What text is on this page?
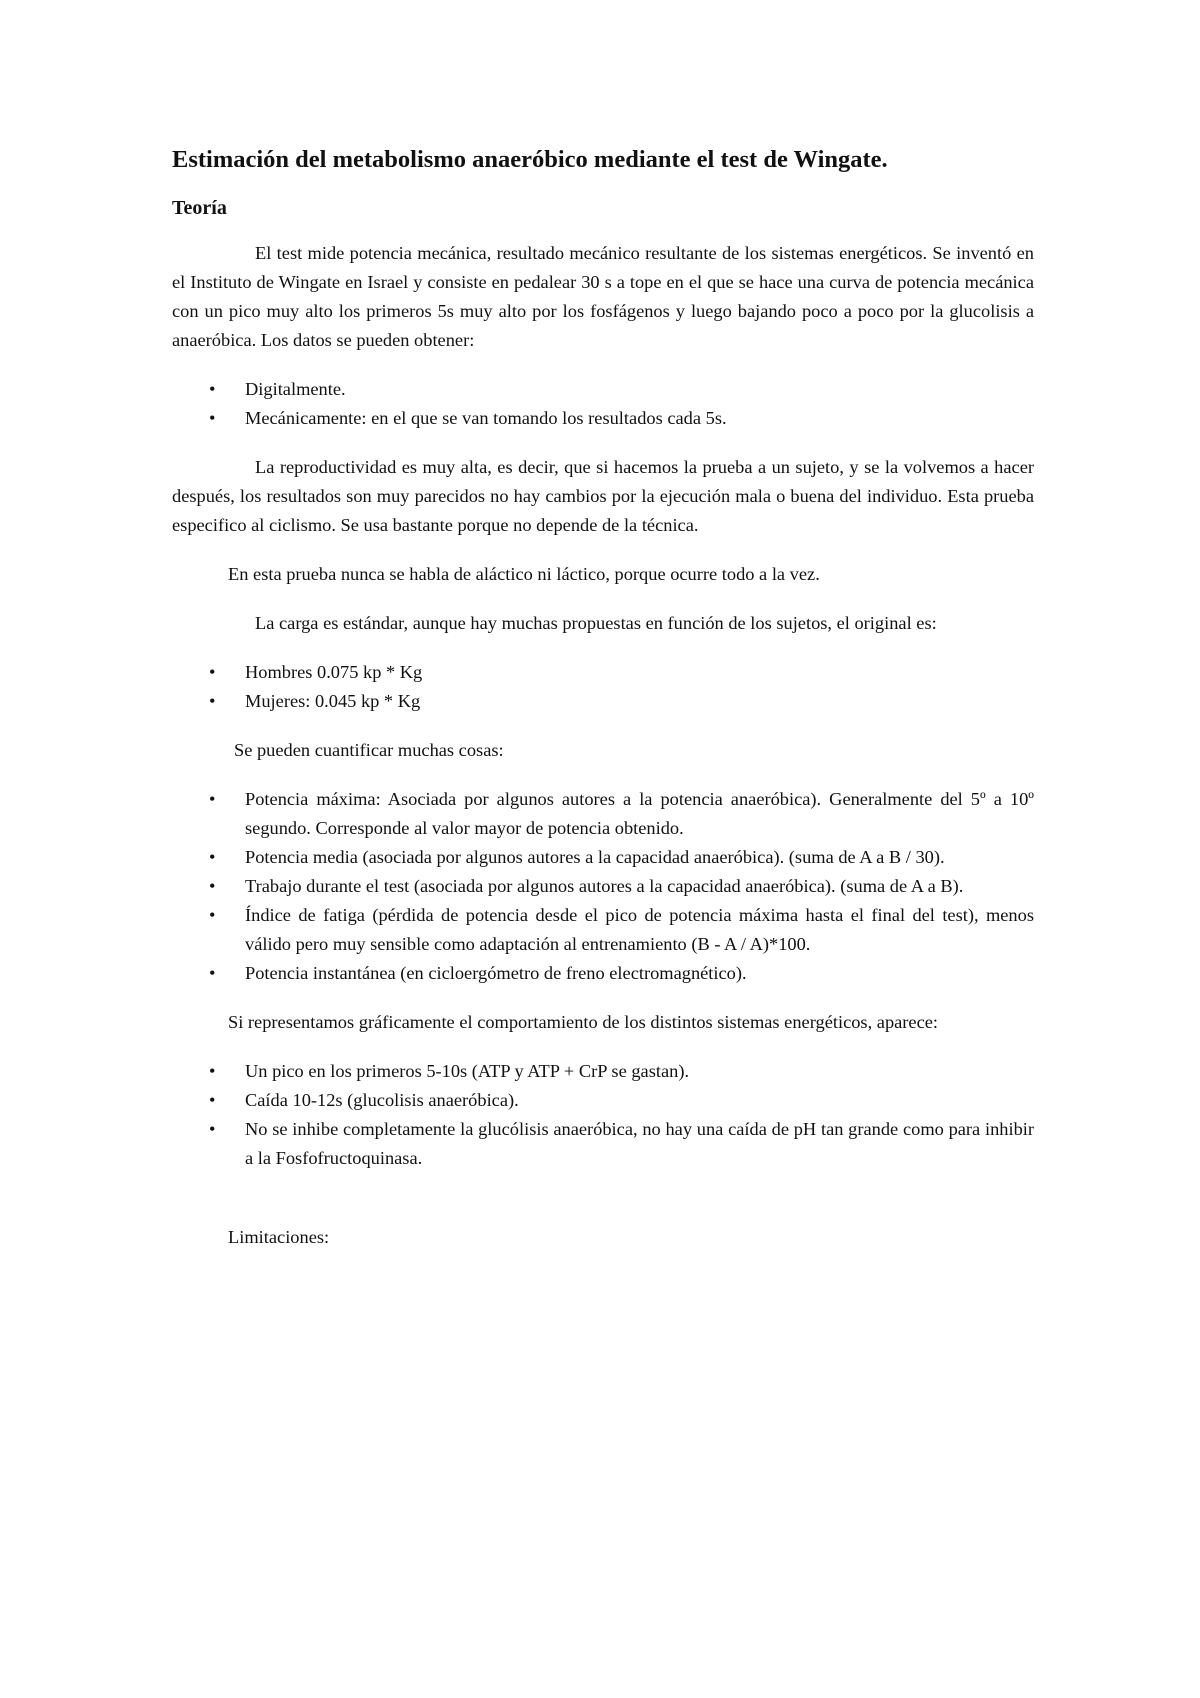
Estimación del metabolismo anaeróbico mediante el test de Wingate.
Teoría

El test mide potencia mecánica, resultado mecánico resultante de los sistemas energéticos. Se inventó en el Instituto de Wingate en Israel y consiste en pedalear 30 s a tope en el que se hace una curva de potencia mecánica con un pico muy alto los primeros 5s muy alto por los fosfágenos y luego bajando poco a poco por la glucolisis a anaeróbica. Los datos se pueden obtener:

• Digitalmente.
• Mecánicamente: en el que se van tomando los resultados cada 5s.

La reproductividad es muy alta, es decir, que si hacemos la prueba a un sujeto, y se la volvemos a hacer después, los resultados son muy parecidos no hay cambios por la ejecución mala o buena del individuo. Esta prueba especifico al ciclismo. Se usa bastante porque no depende de la técnica.

En esta prueba nunca se habla de aláctico ni láctico, porque ocurre todo a la vez.

La carga es estándar, aunque hay muchas propuestas en función de los sujetos, el original es:

• Hombres 0.075 kp * Kg
• Mujeres: 0.045 kp * Kg

Se pueden cuantificar muchas cosas:

• Potencia máxima: Asociada por algunos autores a la potencia anaeróbica). Generalmente del 5º a 10º segundo. Corresponde al valor mayor de potencia obtenido.
• Potencia media (asociada por algunos autores a la capacidad anaeróbica). (suma de A a B / 30).
• Trabajo durante el test (asociada por algunos autores a la capacidad anaeróbica). (suma de A a B).
• Índice de fatiga (pérdida de potencia desde el pico de potencia máxima hasta el final del test), menos válido pero muy sensible como adaptación al entrenamiento (B - A / A)*100.
• Potencia instantánea (en cicloergómetro de freno electromagnético).

Si representamos gráficamente el comportamiento de los distintos sistemas energéticos, aparece:

• Un pico en los primeros 5-10s (ATP y ATP + CrP se gastan).
• Caída 10-12s (glucolisis anaeróbica).
• No se inhibe completamente la glucólisis anaeróbica, no hay una caída de pH tan grande como para inhibir a la Fosfofructoquinasa.

Limitaciones:
